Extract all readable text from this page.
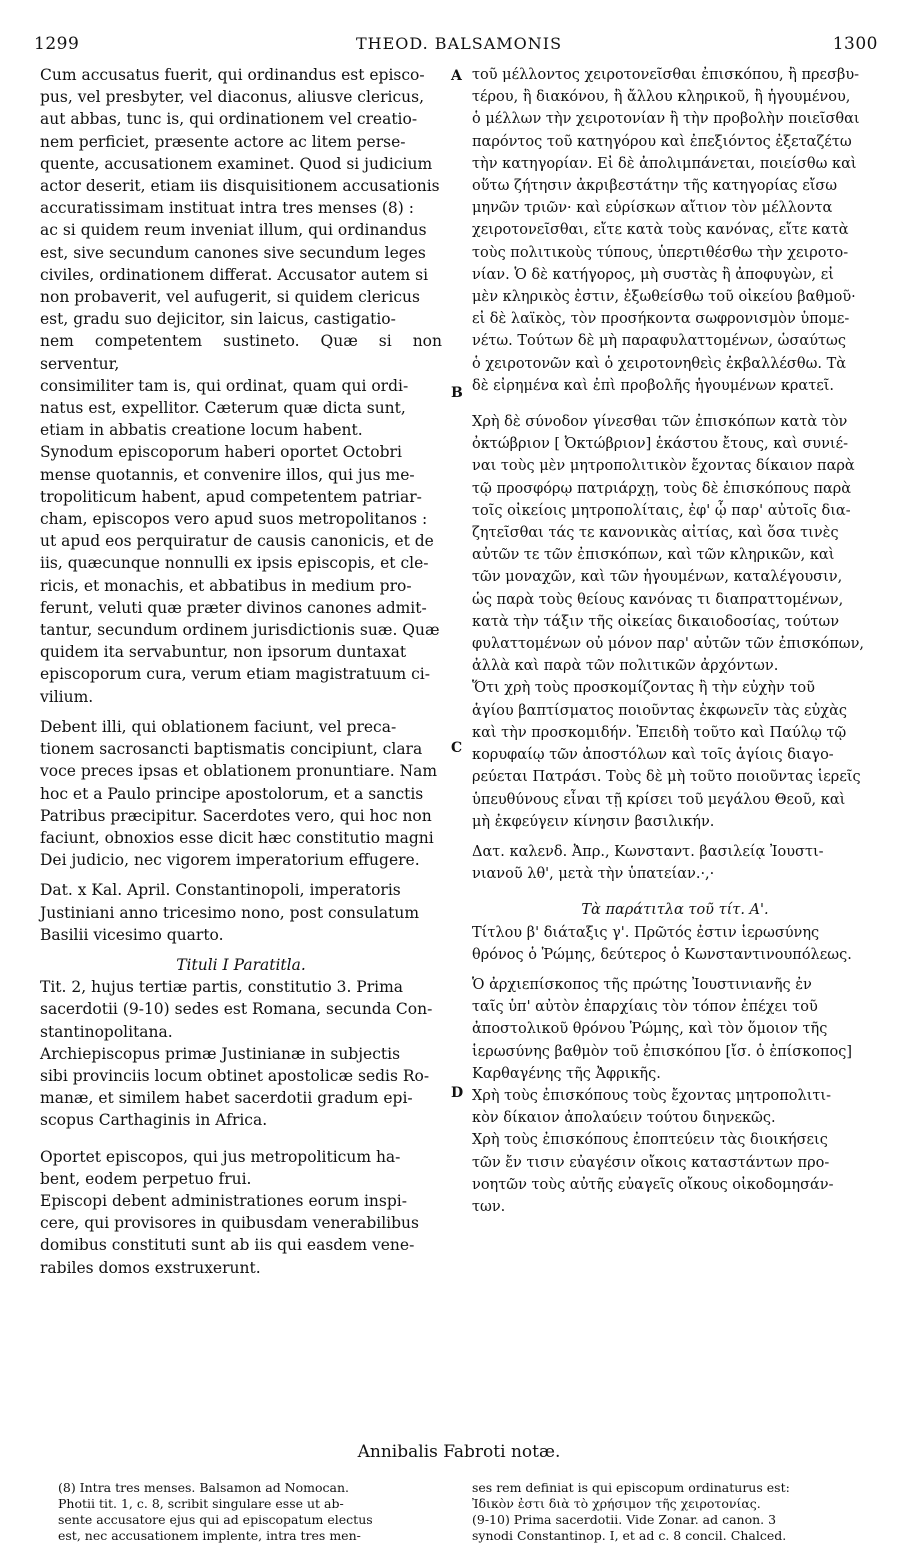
1299	THEOD. BALSAMONIS	1300
A
B
C
D

Cum accusatus fuerit, qui ordinandus est episco-
pus, vel presbyter, vel diaconus, aliusve clericus,
aut abbas, tunc is, qui ordinationem vel creatio-
nem perficiet, præsente actore ac litem perse-
quente, accusationem examinet. Quod si judicium
actor deserit, etiam iis disquisitionem accusationis
accuratissimam instituat intra tres menses (8) :
ac si quidem reum inveniat illum, qui ordinandus
est, sive secundum canones sive secundum leges
civiles, ordinationem differat. Accusator autem si
non probaverit, vel aufugerit, si quidem clericus
est, gradu suo dejicitor, sin laicus, castigatio-
nem competentem sustineto. Quæ si non serventur,
consimiliter tam is, qui ordinat, quam qui ordi-
natus est, expellitor. Cæterum quæ dicta sunt,
etiam in abbatis creatione locum habent.

Synodum episcoporum haberi oportet Octobri
mense quotannis, et convenire illos, qui jus me-
tropoliticum habent, apud competentem patriar-
cham, episcopos vero apud suos metropolitanos :
ut apud eos perquiratur de causis canonicis, et de
iis, quæcunque nonnulli ex ipsis episcopis, et cle-
ricis, et monachis, et abbatibus in medium pro-
ferunt, veluti quæ præter divinos canones admit-
tantur, secundum ordinem jurisdictionis suæ. Quæ
quidem ita servabuntur, non ipsorum duntaxat
episcoporum cura, verum etiam magistratuum ci-
vilium.

Debent illi, qui oblationem faciunt, vel preca-
tionem sacrosancti baptismatis concipiunt, clara
voce preces ipsas et oblationem pronuntiare. Nam
hoc et a Paulo principe apostolorum, et a sanctis
Patribus præcipitur. Sacerdotes vero, qui hoc non
faciunt, obnoxios esse dicit hæc constitutio magni
Dei judicio, nec vigorem imperatorium effugere.

Dat. x Kal. April. Constantinopoli, imperatoris
Justiniani anno tricesimo nono, post consulatum
Basilii vicesimo quarto.

Tituli I Paratitla.

Tit. 2, hujus tertiæ partis, constitutio 3. Prima
sacerdotii (9-10) sedes est Romana, secunda Con-
stantinopolitana.

Archiepiscopus primæ Justinianæ in subjectis
sibi provinciis locum obtinet apostolicæ sedis Ro-
manæ, et similem habet sacerdotii gradum epi-
scopus Carthaginis in Africa.

Oportet episcopos, qui jus metropoliticum ha-
bent, eodem perpetuo frui.

Episcopi debent administrationes eorum inspi-
cere, qui provisores in quibusdam venerabilibus
domibus constituti sunt ab iis qui easdem vene-
rabiles domos exstruxerunt.

τοῦ μέλλοντος χειροτονεῖσθαι ἐπισκόπου, ἢ πρεσβυ-
τέρου, ἢ διακόνου, ἢ ἄλλου κληρικοῦ, ἢ ἡγουμένου,
ὁ μέλλων τὴν χειροτονίαν ἢ τὴν προβολὴν ποιεῖσθαι
παρόντος τοῦ κατηγόρου καὶ ἐπεξιόντος ἐξεταζέτω
τὴν κατηγορίαν. Εἰ δὲ ἀπολιμπάνεται, ποιείσθω καὶ
οὕτω ζήτησιν ἀκριβεστάτην τῆς κατηγορίας εἴσω
μηνῶν τριῶν· καὶ εὑρίσκων αἴτιον τὸν μέλλοντα
χειροτονεῖσθαι, εἴτε κατὰ τοὺς κανόνας, εἴτε κατὰ
τοὺς πολιτικοὺς τύπους, ὑπερτιθέσθω τὴν χειροτο-
νίαν. Ὁ δὲ κατήγορος, μὴ συστὰς ἢ ἀποφυγὼν, εἰ
μὲν κληρικὸς ἐστιν, ἐξωθείσθω τοῦ οἰκείου βαθμοῦ·
εἰ δὲ λαϊκὸς, τὸν προσήκοντα σωφρονισμὸν ὑπομε-
νέτω. Τούτων δὲ μὴ παραφυλαττομένων, ὡσαύτως
ὁ χειροτονῶν καὶ ὁ χειροτονηθεὶς ἐκβαλλέσθω. Τὰ
δὲ εἰρημένα καὶ ἐπὶ προβολῆς ἡγουμένων κρατεῖ.

Χρὴ δὲ σύνοδον γίνεσθαι τῶν ἐπισκόπων κατὰ τὸν
ὀκτώβριον [ Ὀκτώβριον] ἑκάστου ἔτους, καὶ συνιέ-
ναι τοὺς μὲν μητροπολιτικὸν ἔχοντας δίκαιον παρὰ
τῷ προσφόρῳ πατριάρχῃ, τοὺς δὲ ἐπισκόπους παρὰ
τοῖς οἰκείοις μητροπολίταις, ἐφ' ᾧ παρ' αὐτοῖς δια-
ζητεῖσθαι τάς τε κανονικὰς αἰτίας, καὶ ὅσα τινὲς
αὐτῶν τε τῶν ἐπισκόπων, καὶ τῶν κληρικῶν, καὶ
τῶν μοναχῶν, καὶ τῶν ἡγουμένων, καταλέγουσιν,
ὡς παρὰ τοὺς θείους κανόνας τι διαπραττομένων,
κατὰ τὴν τάξιν τῆς οἰκείας δικαιοδοσίας, τούτων
φυλαττομένων οὐ μόνον παρ' αὐτῶν τῶν ἐπισκόπων,
ἀλλὰ καὶ παρὰ τῶν πολιτικῶν ἀρχόντων.

Ὅτι χρὴ τοὺς προσκομίζοντας ἢ τὴν εὐχὴν τοῦ
ἁγίου βαπτίσματος ποιοῦντας ἐκφωνεῖν τὰς εὐχὰς
καὶ τὴν προσκομιδήν. Ἐπειδὴ τοῦτο καὶ Παύλῳ τῷ
κορυφαίῳ τῶν ἀποστόλων καὶ τοῖς ἁγίοις διαγο-
ρεύεται Πατράσι. Τοὺς δὲ μὴ τοῦτο ποιοῦντας ἱερεῖς
ὑπευθύνους εἶναι τῇ κρίσει τοῦ μεγάλου Θεοῦ, καὶ
μὴ ἐκφεύγειν κίνησιν βασιλικήν.

Δατ. καλενδ. Ἀπρ., Κωνσταντ. βασιλείᾳ Ἰουστι-
νιανοῦ λθ', μετὰ τὴν ὑπατείαν.·,·

Τὰ παράτιτλα τοῦ τίτ. Α'.

Τίτλου β' διάταξις γ'. Πρῶτός ἐστιν ἱερωσύνης
θρόνος ὁ Ῥώμης, δεύτερος ὁ Κωνσταντινουπόλεως.

Ὁ ἀρχιεπίσκοπος τῆς πρώτης Ἰουστινιανῆς ἐν
ταῖς ὑπ' αὐτὸν ἐπαρχίαις τὸν τόπον ἐπέχει τοῦ
ἀποστολικοῦ θρόνου Ῥώμης, καὶ τὸν ὅμοιον τῆς
ἱερωσύνης βαθμὸν τοῦ ἐπισκόπου [ἴσ. ὁ ἐπίσκοπος]
Καρθαγένης τῆς Ἀφρικῆς.

Χρὴ τοὺς ἐπισκόπους τοὺς ἔχοντας μητροπολιτι-
κὸν δίκαιον ἀπολαύειν τούτου διηνεκῶς.

Χρὴ τοὺς ἐπισκόπους ἐποπτεύειν τὰς διοικήσεις
τῶν ἔν τισιν εὐαγέσιν οἴκοις καταστάντων προ-
νοητῶν τοὺς αὐτῆς εὐαγεῖς οἴκους οἰκοδομησάν-
των.

Annibalis Fabroti notæ.
(8) Intra tres menses. Balsamon ad Nomocan.
Photii tit. 1, c. 8, scribit singulare esse ut ab-
sente accusatore ejus qui ad episcopatum electus
est, nec accusationem implente, intra tres men-
ses rem definiat is qui episcopum ordinaturus est:
Ἰδικὸν ἐστι διὰ τὸ χρήσιμον τῆς χειροτονίας.
(9-10) Prima sacerdotii. Vide Zonar. ad canon. 3
synodi Constantinop. I, et ad c. 8 concil. Chalced.
